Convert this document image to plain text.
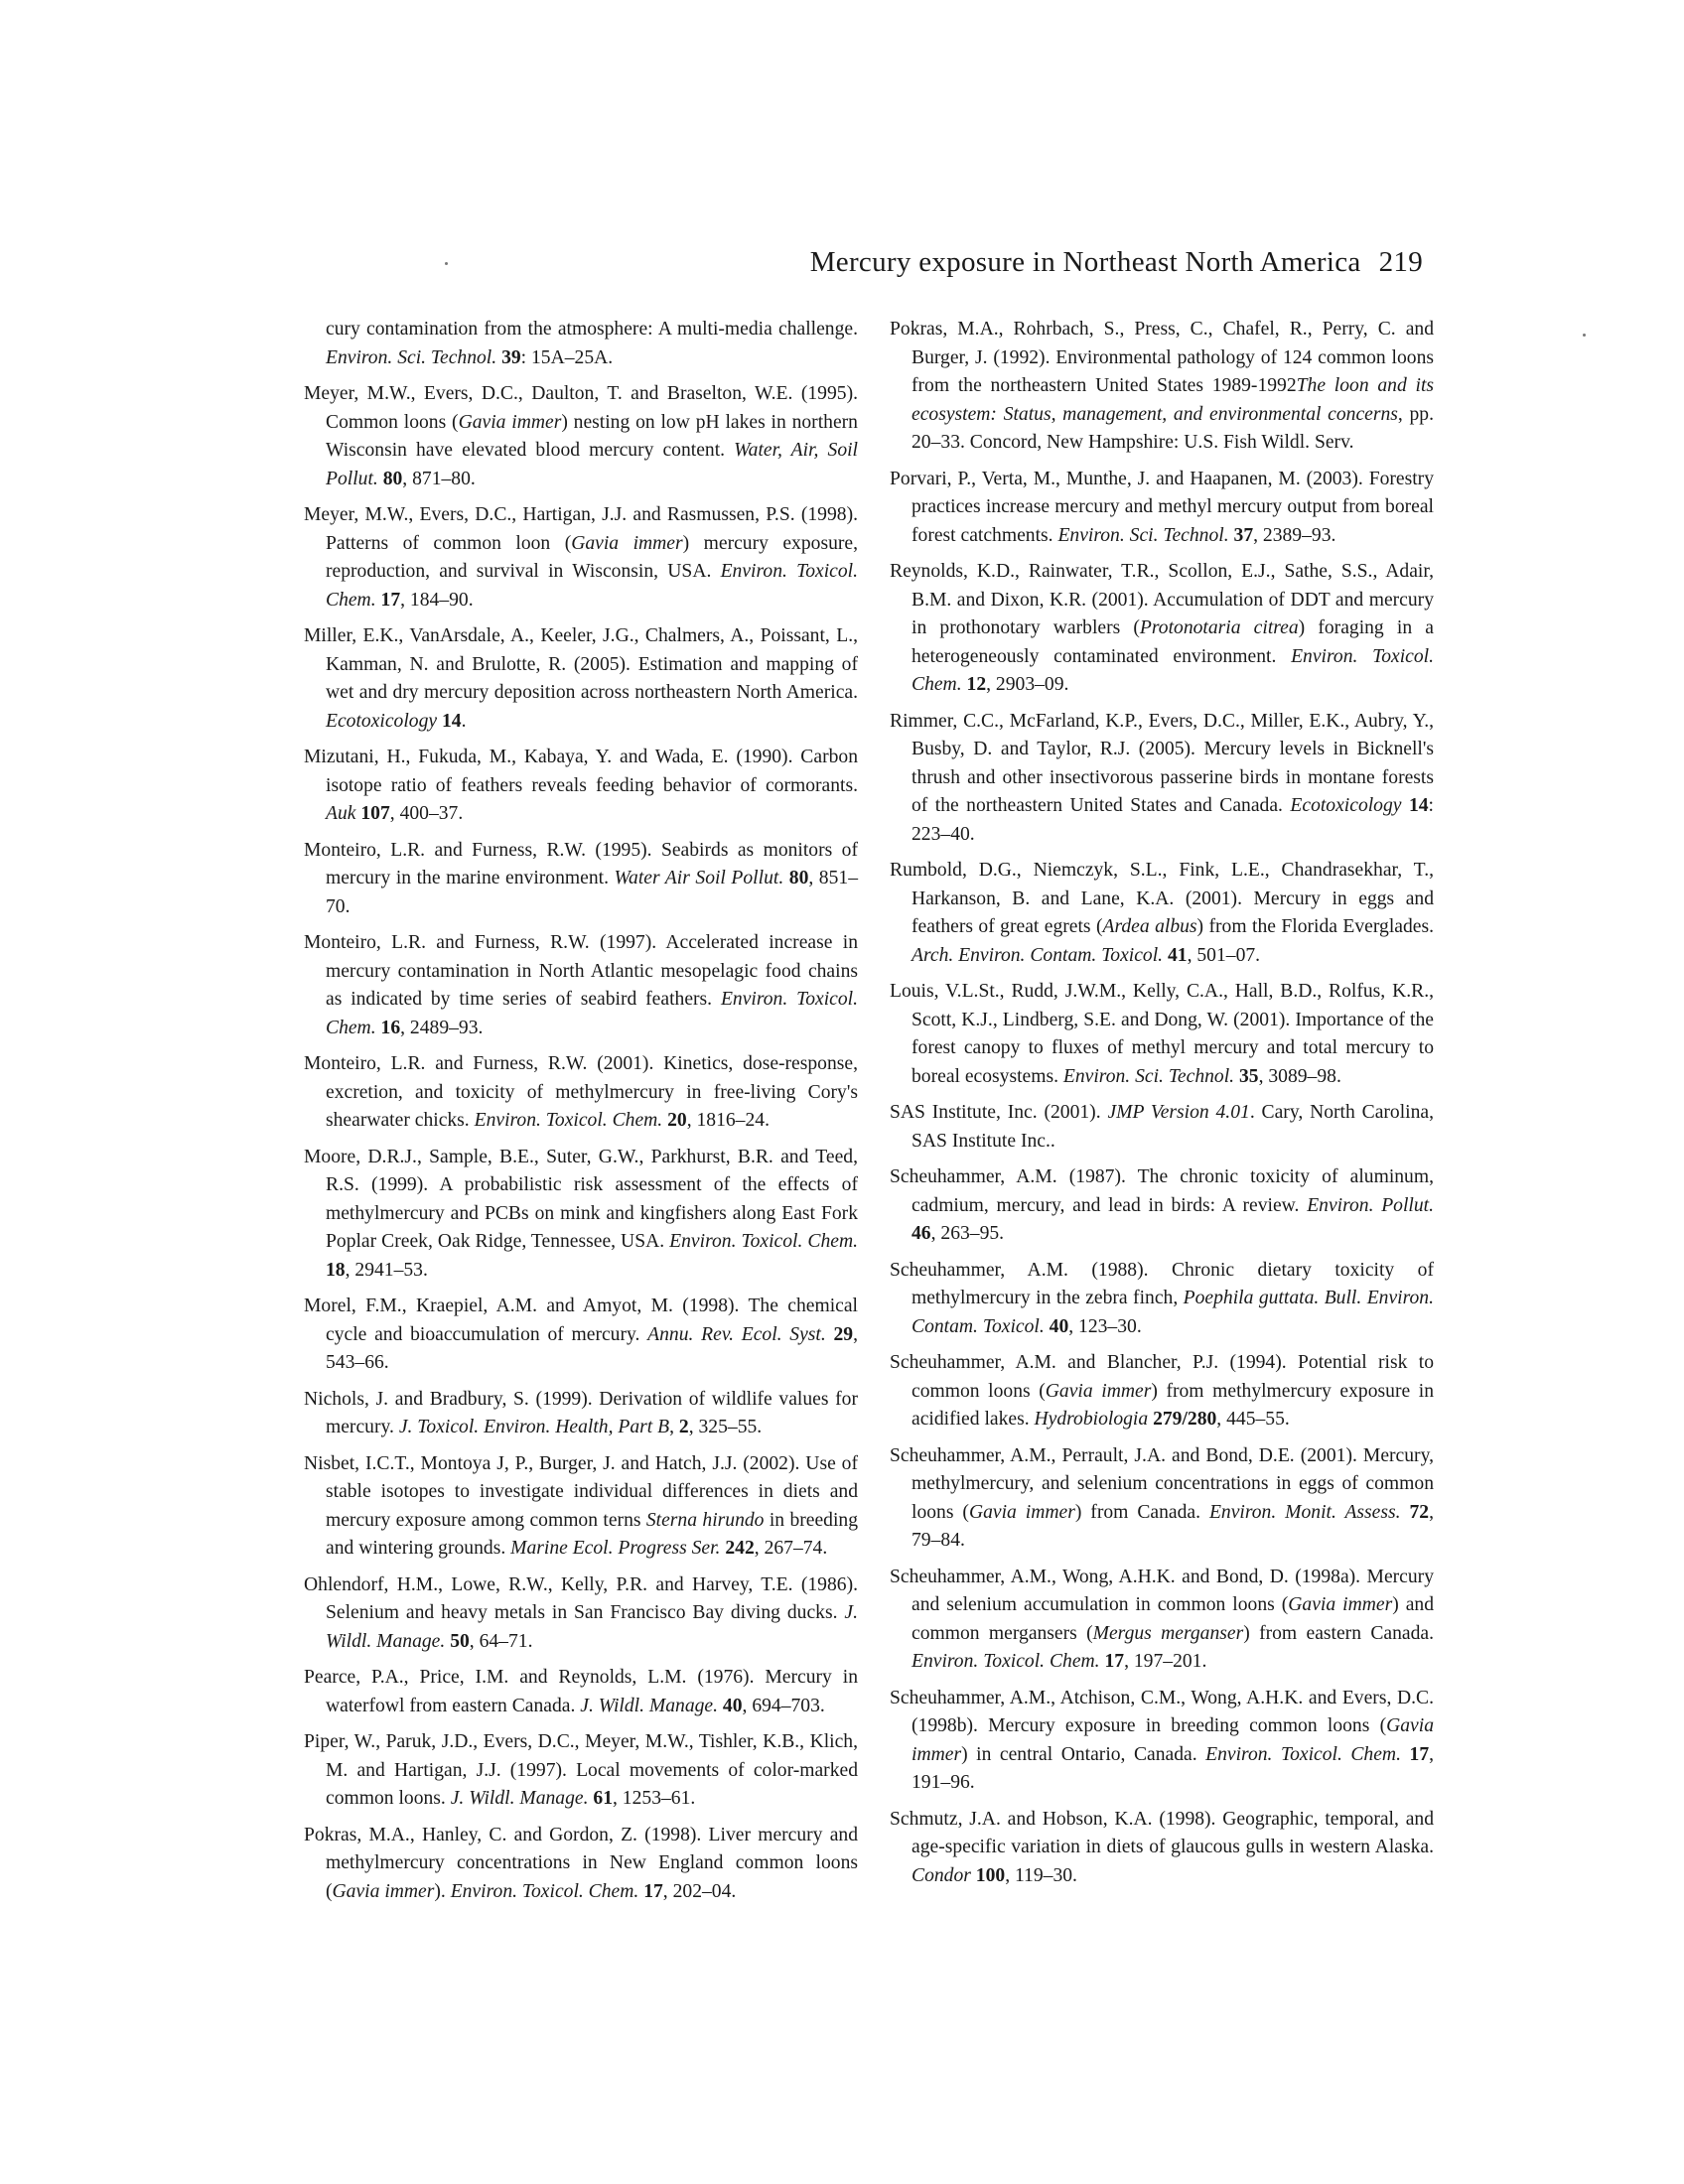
Mercury exposure in Northeast North America 219

cury contamination from the atmosphere: A multi-media challenge. Environ. Sci. Technol. 39: 15A–25A.

Meyer, M.W., Evers, D.C., Daulton, T. and Braselton, W.E. (1995). Common loons (Gavia immer) nesting on low pH lakes in northern Wisconsin have elevated blood mercury content. Water, Air, Soil Pollut. 80, 871–80.

Meyer, M.W., Evers, D.C., Hartigan, J.J. and Rasmussen, P.S. (1998). Patterns of common loon (Gavia immer) mercury exposure, reproduction, and survival in Wisconsin, USA. Environ. Toxicol. Chem. 17, 184–90.

Miller, E.K., VanArsdale, A., Keeler, J.G., Chalmers, A., Poissant, L., Kamman, N. and Brulotte, R. (2005). Estimation and mapping of wet and dry mercury deposition across northeastern North America. Ecotoxicology 14.

Mizutani, H., Fukuda, M., Kabaya, Y. and Wada, E. (1990). Carbon isotope ratio of feathers reveals feeding behavior of cormorants. Auk 107, 400–37.

Monteiro, L.R. and Furness, R.W. (1995). Seabirds as monitors of mercury in the marine environment. Water Air Soil Pollut. 80, 851–70.

Monteiro, L.R. and Furness, R.W. (1997). Accelerated increase in mercury contamination in North Atlantic mesopelagic food chains as indicated by time series of seabird feathers. Environ. Toxicol. Chem. 16, 2489–93.

Monteiro, L.R. and Furness, R.W. (2001). Kinetics, dose-response, excretion, and toxicity of methylmercury in free-living Cory's shearwater chicks. Environ. Toxicol. Chem. 20, 1816–24.

Moore, D.R.J., Sample, B.E., Suter, G.W., Parkhurst, B.R. and Teed, R.S. (1999). A probabilistic risk assessment of the effects of methylmercury and PCBs on mink and kingfishers along East Fork Poplar Creek, Oak Ridge, Tennessee, USA. Environ. Toxicol. Chem. 18, 2941–53.

Morel, F.M., Kraepiel, A.M. and Amyot, M. (1998). The chemical cycle and bioaccumulation of mercury. Annu. Rev. Ecol. Syst. 29, 543–66.

Nichols, J. and Bradbury, S. (1999). Derivation of wildlife values for mercury. J. Toxicol. Environ. Health, Part B, 2, 325–55.

Nisbet, I.C.T., Montoya J, P., Burger, J. and Hatch, J.J. (2002). Use of stable isotopes to investigate individual differences in diets and mercury exposure among common terns Sterna hirundo in breeding and wintering grounds. Marine Ecol. Progress Ser. 242, 267–74.

Ohlendorf, H.M., Lowe, R.W., Kelly, P.R. and Harvey, T.E. (1986). Selenium and heavy metals in San Francisco Bay diving ducks. J. Wildl. Manage. 50, 64–71.

Pearce, P.A., Price, I.M. and Reynolds, L.M. (1976). Mercury in waterfowl from eastern Canada. J. Wildl. Manage. 40, 694–703.

Piper, W., Paruk, J.D., Evers, D.C., Meyer, M.W., Tishler, K.B., Klich, M. and Hartigan, J.J. (1997). Local movements of color-marked common loons. J. Wildl. Manage. 61, 1253–61.

Pokras, M.A., Hanley, C. and Gordon, Z. (1998). Liver mercury and methylmercury concentrations in New England common loons (Gavia immer). Environ. Toxicol. Chem. 17, 202–04.

Pokras, M.A., Rohrbach, S., Press, C., Chafel, R., Perry, C. and Burger, J. (1992). Environmental pathology of 124 common loons from the northeastern United States 1989-1992The loon and its ecosystem: Status, management, and environmental concerns, pp. 20–33. Concord, New Hampshire: U.S. Fish Wildl. Serv.

Porvari, P., Verta, M., Munthe, J. and Haapanen, M. (2003). Forestry practices increase mercury and methyl mercury output from boreal forest catchments. Environ. Sci. Technol. 37, 2389–93.

Reynolds, K.D., Rainwater, T.R., Scollon, E.J., Sathe, S.S., Adair, B.M. and Dixon, K.R. (2001). Accumulation of DDT and mercury in prothonotary warblers (Protonotaria citrea) foraging in a heterogeneously contaminated environment. Environ. Toxicol. Chem. 12, 2903–09.

Rimmer, C.C., McFarland, K.P., Evers, D.C., Miller, E.K., Aubry, Y., Busby, D. and Taylor, R.J. (2005). Mercury levels in Bicknell's thrush and other insectivorous passerine birds in montane forests of the northeastern United States and Canada. Ecotoxicology 14: 223–40.

Rumbold, D.G., Niemczyk, S.L., Fink, L.E., Chandrasekhar, T., Harkanson, B. and Lane, K.A. (2001). Mercury in eggs and feathers of great egrets (Ardea albus) from the Florida Everglades. Arch. Environ. Contam. Toxicol. 41, 501–07.

Louis, V.L.St., Rudd, J.W.M., Kelly, C.A., Hall, B.D., Rolfus, K.R., Scott, K.J., Lindberg, S.E. and Dong, W. (2001). Importance of the forest canopy to fluxes of methyl mercury and total mercury to boreal ecosystems. Environ. Sci. Technol. 35, 3089–98.

SAS Institute, Inc. (2001). JMP Version 4.01. Cary, North Carolina, SAS Institute Inc..

Scheuhammer, A.M. (1987). The chronic toxicity of aluminum, cadmium, mercury, and lead in birds: A review. Environ. Pollut. 46, 263–95.

Scheuhammer, A.M. (1988). Chronic dietary toxicity of methylmercury in the zebra finch, Poephila guttata. Bull. Environ. Contam. Toxicol. 40, 123–30.

Scheuhammer, A.M. and Blancher, P.J. (1994). Potential risk to common loons (Gavia immer) from methylmercury exposure in acidified lakes. Hydrobiologia 279/280, 445–55.

Scheuhammer, A.M., Perrault, J.A. and Bond, D.E. (2001). Mercury, methylmercury, and selenium concentrations in eggs of common loons (Gavia immer) from Canada. Environ. Monit. Assess. 72, 79–84.

Scheuhammer, A.M., Wong, A.H.K. and Bond, D. (1998a). Mercury and selenium accumulation in common loons (Gavia immer) and common mergansers (Mergus merganser) from eastern Canada. Environ. Toxicol. Chem. 17, 197–201.

Scheuhammer, A.M., Atchison, C.M., Wong, A.H.K. and Evers, D.C. (1998b). Mercury exposure in breeding common loons (Gavia immer) in central Ontario, Canada. Environ. Toxicol. Chem. 17, 191–96.

Schmutz, J.A. and Hobson, K.A. (1998). Geographic, temporal, and age-specific variation in diets of glaucous gulls in western Alaska. Condor 100, 119–30.
